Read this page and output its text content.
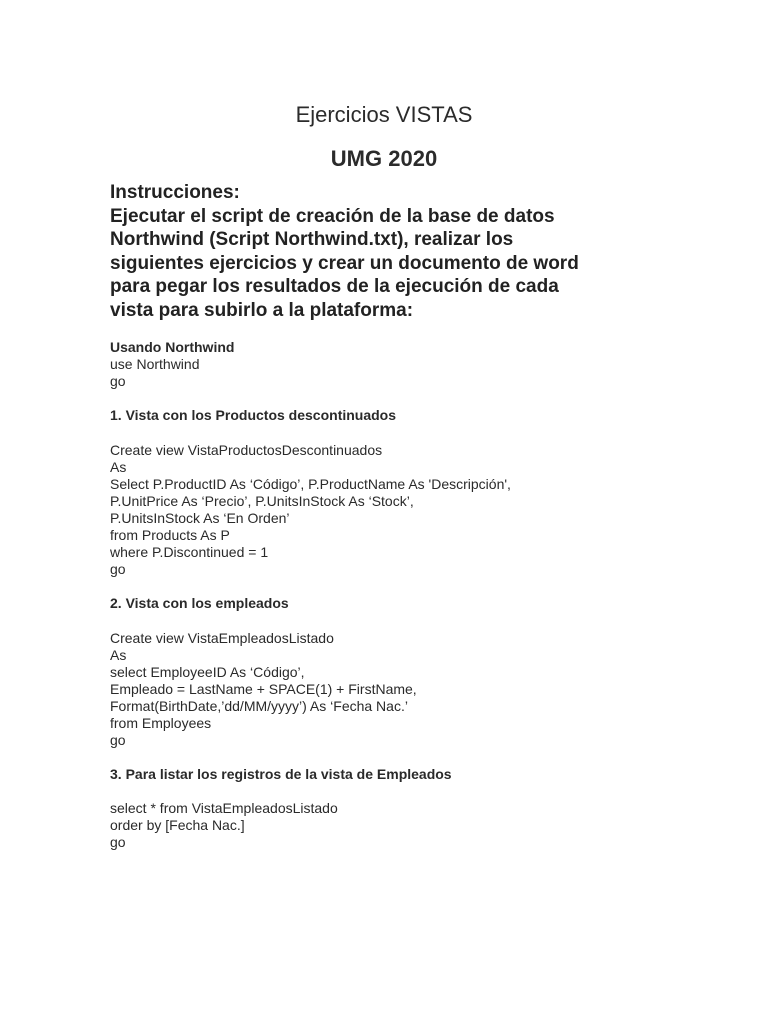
Ejercicios VISTAS
UMG 2020
Instrucciones:
Ejecutar el script de creación de la base de datos
Northwind (Script Northwind.txt), realizar los
siguientes ejercicios y crear un documento de word
para pegar los resultados de la ejecución de cada
vista para subirlo a la plataforma:
Usando Northwind
use Northwind
go
1. Vista con los Productos descontinuados
Create view VistaProductosDescontinuados
As
Select P.ProductID As ‘Código’, P.ProductName As 'Descripción',
P.UnitPrice As ‘Precio’, P.UnitsInStock As ‘Stock’,
P.UnitsInStock As ‘En Orden’
from Products As P
where P.Discontinued = 1
go
2. Vista con los empleados
Create view VistaEmpleadosListado
As
select EmployeeID As ‘Código’,
Empleado = LastName + SPACE(1) + FirstName,
Format(BirthDate,’dd/MM/yyyy’) As ‘Fecha Nac.’
from Employees
go
3. Para listar los registros de la vista de Empleados
select * from VistaEmpleadosListado
order by [Fecha Nac.]
go
